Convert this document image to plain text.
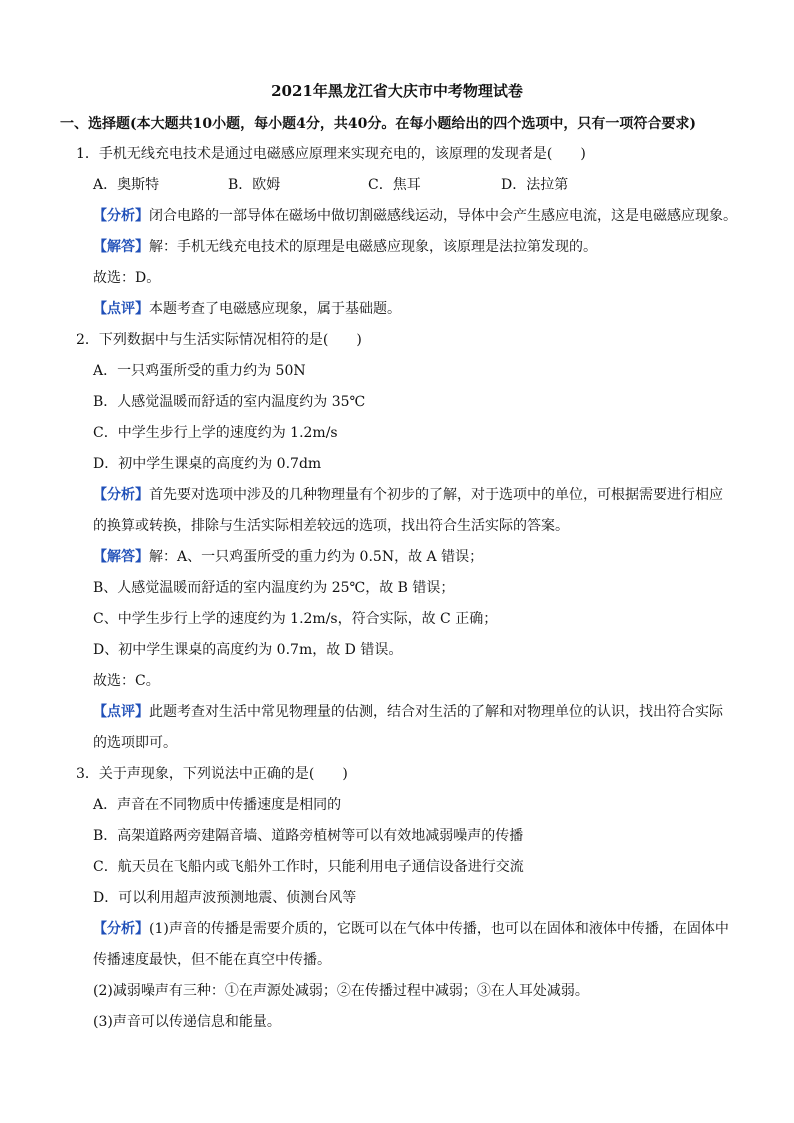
2021年黑龙江省大庆市中考物理试卷
一、选择题(本大题共10小题，每小题4分，共40分。在每小题给出的四个选项中，只有一项符合要求)
1．手机无线充电技术是通过电磁感应原理来实现充电的，该原理的发现者是(　　)
A．奥斯特	B．欧姆	C．焦耳	D．法拉第
【分析】闭合电路的一部导体在磁场中做切割磁感线运动，导体中会产生感应电流，这是电磁感应现象。
【解答】解：手机无线充电技术的原理是电磁感应现象，该原理是法拉第发现的。
故选：D。
【点评】本题考查了电磁感应现象，属于基础题。
2．下列数据中与生活实际情况相符的是(　　)
A．一只鸡蛋所受的重力约为 50N
B．人感觉温暖而舒适的室内温度约为 35℃
C．中学生步行上学的速度约为 1.2m/s
D．初中学生课桌的高度约为 0.7dm
【分析】首先要对选项中涉及的几种物理量有个初步的了解，对于选项中的单位，可根据需要进行相应
的换算或转换，排除与生活实际相差较远的选项，找出符合生活实际的答案。
【解答】解：A、一只鸡蛋所受的重力约为 0.5N，故 A 错误；
B、人感觉温暖而舒适的室内温度约为 25℃，故 B 错误；
C、中学生步行上学的速度约为 1.2m/s，符合实际，故 C 正确；
D、初中学生课桌的高度约为 0.7m，故 D 错误。
故选：C。
【点评】此题考查对生活中常见物理量的估测，结合对生活的了解和对物理单位的认识，找出符合实际
的选项即可。
3．关于声现象，下列说法中正确的是(　　)
A．声音在不同物质中传播速度是相同的
B．高架道路两旁建隔音墙、道路旁植树等可以有效地减弱噪声的传播
C．航天员在飞船内或飞船外工作时，只能利用电子通信设备进行交流
D．可以利用超声波预测地震、侦测台风等
【分析】(1)声音的传播是需要介质的，它既可以在气体中传播，也可以在固体和液体中传播，在固体中
传播速度最快，但不能在真空中传播。
(2)减弱噪声有三种：①在声源处减弱；②在传播过程中减弱；③在人耳处减弱。
(3)声音可以传递信息和能量。
